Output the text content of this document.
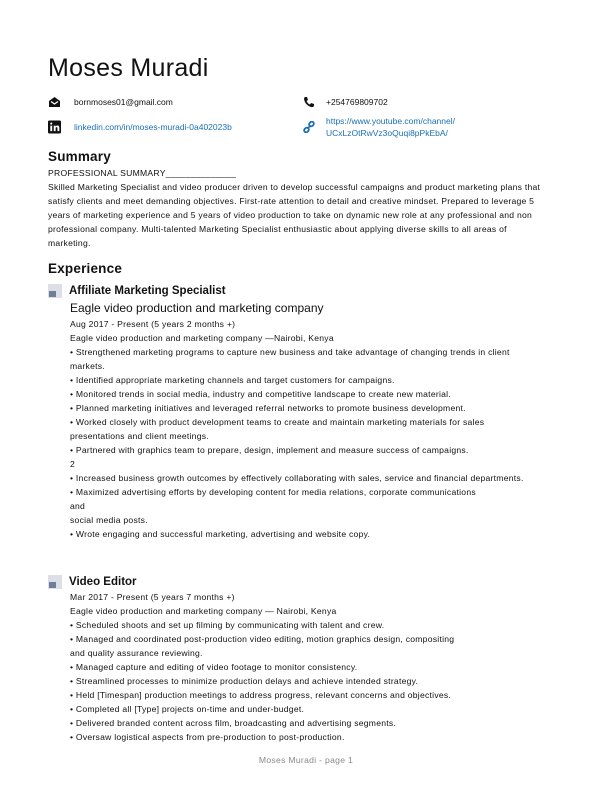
Moses Muradi
bornmoses01@gmail.com	+254769809702
linkedin.com/in/moses-muradi-0a402023b
https://www.youtube.com/channel/
UCxLzOtRwVz3oQuqi8pPkEbA/
Summary
PROFESSIONAL SUMMARY______________
Skilled Marketing Specialist and video producer driven to develop successful campaigns and product marketing plans that satisfy clients and meet demanding objectives. First-rate attention to detail and creative mindset. Prepared to leverage 5 years of marketing experience and 5 years of video production to take on dynamic new role at any professional and non professional company. Multi-talented Marketing Specialist enthusiastic about applying diverse skills to all areas of marketing.
Experience
Affiliate Marketing Specialist
Eagle video production and marketing company
Aug 2017 - Present (5 years 2 months +)
Eagle video production and marketing company —Nairobi, Kenya
• Strengthened marketing programs to capture new business and take advantage of changing trends in client markets.
• Identified appropriate marketing channels and target customers for campaigns.
• Monitored trends in social media, industry and competitive landscape to create new material.
• Planned marketing initiatives and leveraged referral networks to promote business development.
• Worked closely with product development teams to create and maintain marketing materials for sales presentations and client meetings.
• Partnered with graphics team to prepare, design, implement and measure success of campaigns.
2
• Increased business growth outcomes by effectively collaborating with sales, service and financial departments.
• Maximized advertising efforts by developing content for media relations, corporate communications
and
social media posts.
• Wrote engaging and successful marketing, advertising and website copy.
Video Editor
Mar 2017 - Present (5 years 7 months +)
Eagle video production and marketing company — Nairobi, Kenya
• Scheduled shoots and set up filming by communicating with talent and crew.
• Managed and coordinated post-production video editing, motion graphics design, compositing
and quality assurance reviewing.
• Managed capture and editing of video footage to monitor consistency.
• Streamlined processes to minimize production delays and achieve intended strategy.
• Held [Timespan] production meetings to address progress, relevant concerns and objectives.
• Completed all [Type] projects on-time and under-budget.
• Delivered branded content across film, broadcasting and advertising segments.
• Oversaw logistical aspects from pre-production to post-production.
Moses Muradi - page 1
